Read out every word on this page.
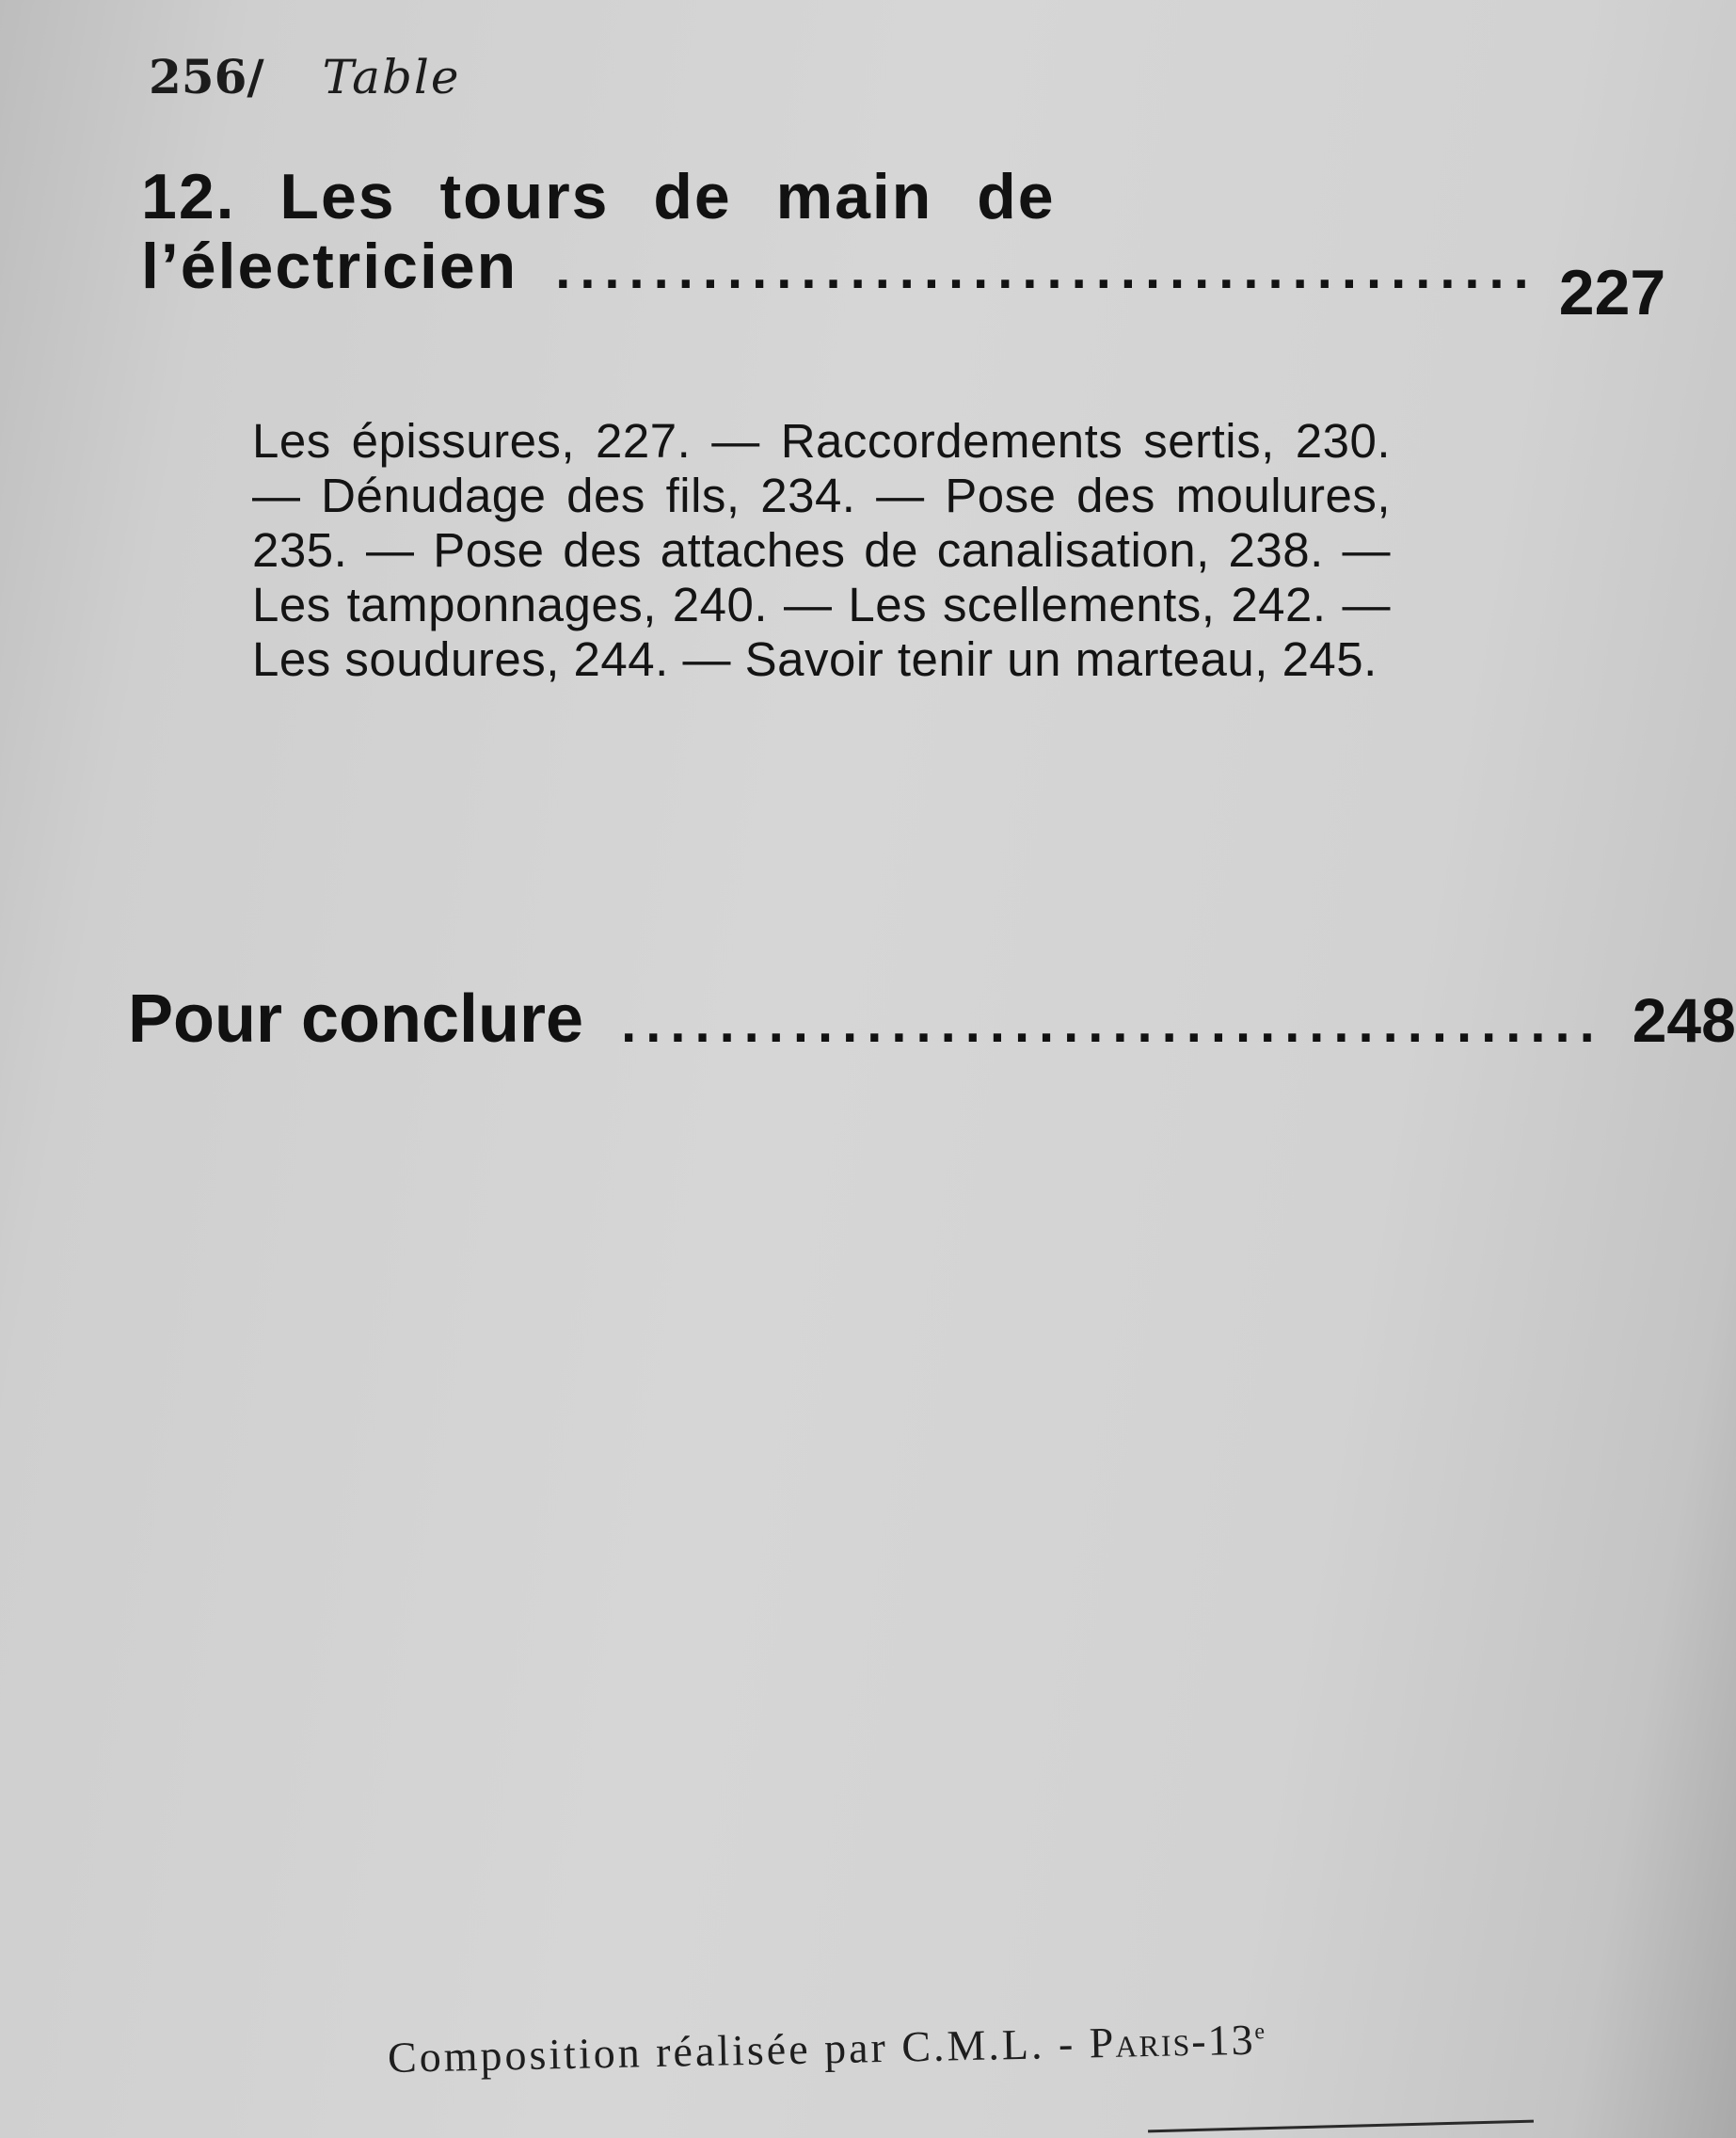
256/ Table
12. Les tours de main de
l’électricien ........................................ 227
Les épissures, 227. — Raccordements sertis, 230. — Dénudage des fils, 234. — Pose des moulures, 235. — Pose des attaches de canalisation, 238. — Les tamponnages, 240. — Les scellements, 242. — Les soudures, 244. — Savoir tenir un marteau, 245.
Pour conclure ........................................ 248
Composition réalisée par C.M.L. - Paris-13e
